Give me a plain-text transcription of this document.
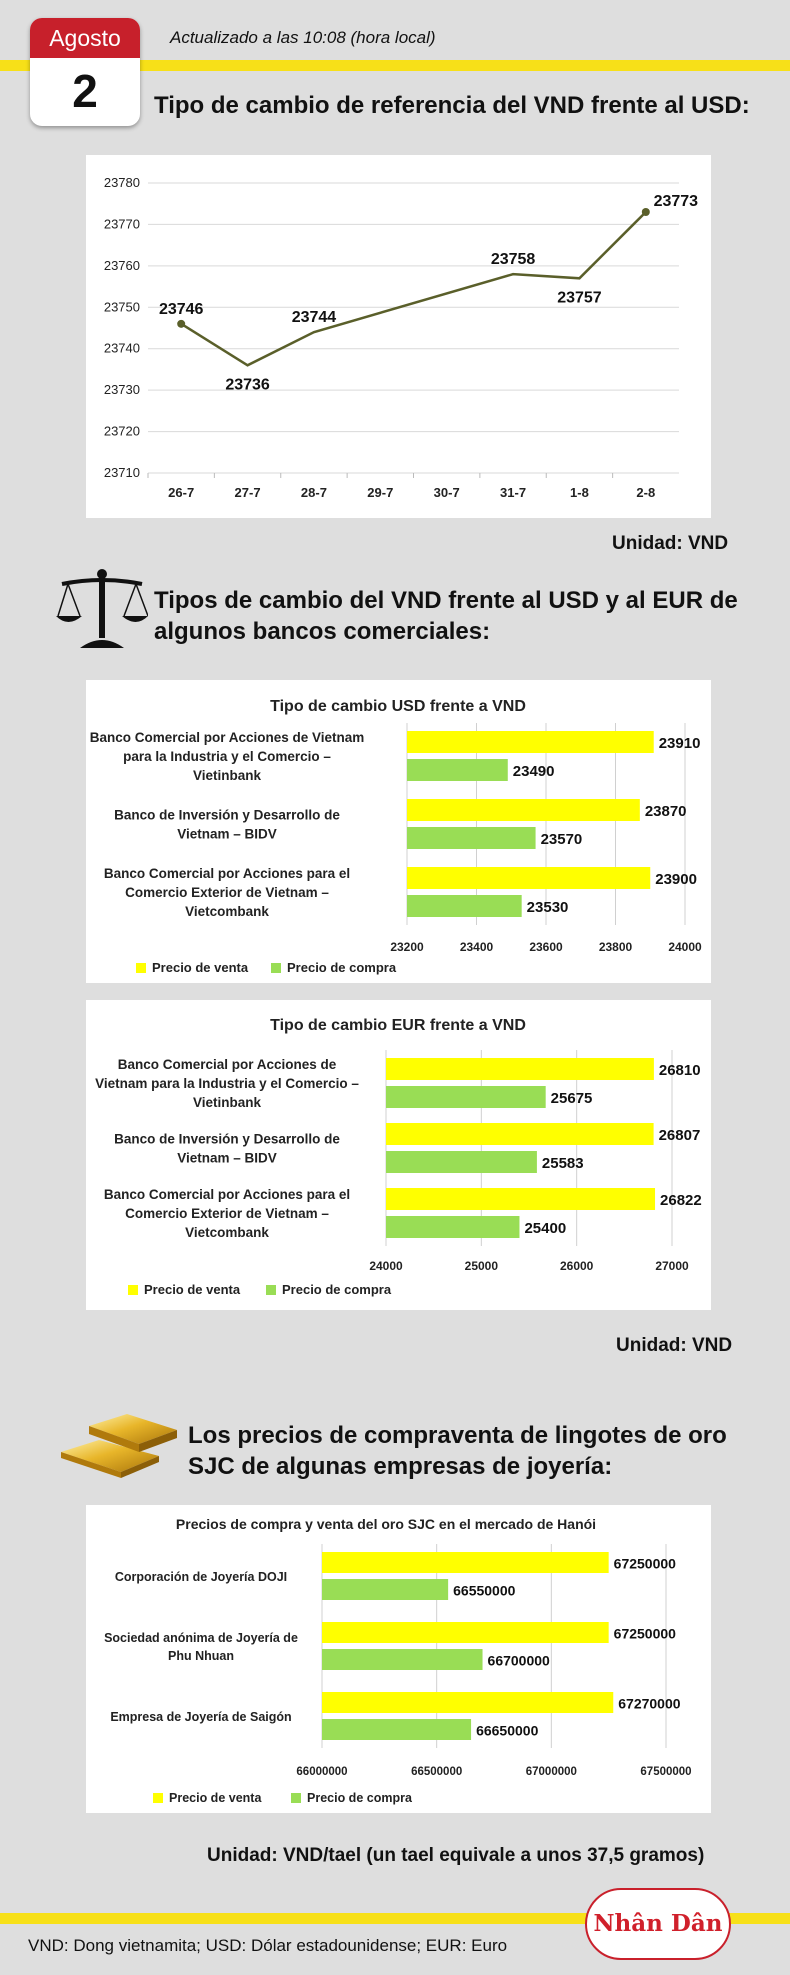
Agosto
2
Actualizado a las 10:08 (hora local)
Tipo de cambio de referencia del VND frente al USD:
23710
23720
23730
23740
23750
23760
23770
23780
26-7	27-7	28-7	29-7	30-7	31-7	1-8	2-8
23746
23736
23744
23758
23757
23773
Unidad: VND
Tipos de cambio del VND frente al USD y al EUR de
algunos bancos comerciales:
Tipo de cambio USD frente a VND
23200	23400	23600	23800	24000
Banco Comercial por Acciones de Vietnam
para la Industria y el Comercio –
Vietinbank
23910
23490
Banco de Inversión y Desarrollo de
Vietnam – BIDV
23870
23570
Banco Comercial por Acciones para el
Comercio Exterior de Vietnam –
Vietcombank
23900
23530
Precio de venta	Precio de compra
Tipo de cambio EUR frente a VND
24000	25000	26000	27000
Banco Comercial por Acciones de
Vietnam para la Industria y el Comercio –
Vietinbank
26810
25675
Banco de Inversión y Desarrollo de
Vietnam – BIDV
26807
25583
Banco Comercial por Acciones para el
Comercio Exterior de Vietnam –
Vietcombank
26822
25400
Precio de venta	Precio de compra
Unidad: VND
Los precios de compraventa de lingotes de oro
SJC de algunas empresas de joyería:
Precios de compra y venta del oro SJC en el mercado de Hanói
66000000	66500000	67000000	67500000
Corporación de Joyería DOJI
67250000
66550000
Sociedad anónima de Joyería de
Phu Nhuan
67250000
66700000
Empresa de Joyería de Saigón
67270000
66650000
Precio de venta	Precio de compra
Unidad: VND/tael (un tael equivale a unos 37,5 gramos)
Nhân Dân
VND: Dong vietnamita; USD: Dólar estadounidense; EUR: Euro
